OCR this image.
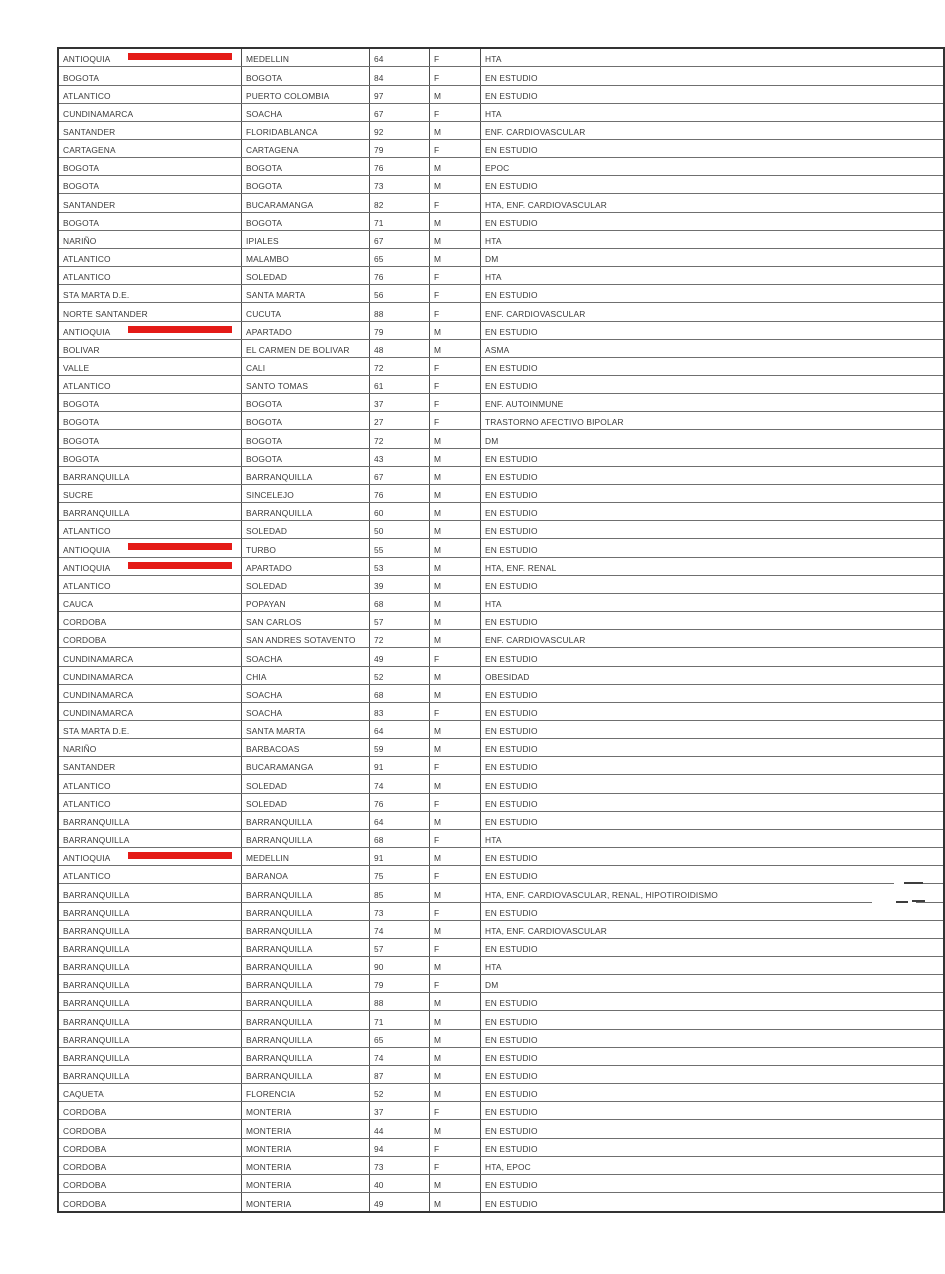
ANTIOQUIA	MEDELLIN	64	F	HTA
BOGOTA	BOGOTA	84	F	EN ESTUDIO
ATLANTICO	PUERTO COLOMBIA	97	M	EN ESTUDIO
CUNDINAMARCA	SOACHA	67	F	HTA
SANTANDER	FLORIDABLANCA	92	M	ENF. CARDIOVASCULAR
CARTAGENA	CARTAGENA	79	F	EN ESTUDIO
BOGOTA	BOGOTA	76	M	EPOC
BOGOTA	BOGOTA	73	M	EN ESTUDIO
SANTANDER	BUCARAMANGA	82	F	HTA, ENF. CARDIOVASCULAR
BOGOTA	BOGOTA	71	M	EN ESTUDIO
NARIÑO	IPIALES	67	M	HTA
ATLANTICO	MALAMBO	65	M	DM
ATLANTICO	SOLEDAD	76	F	HTA
STA MARTA D.E.	SANTA MARTA	56	F	EN ESTUDIO
NORTE SANTANDER	CUCUTA	88	F	ENF. CARDIOVASCULAR
ANTIOQUIA	APARTADO	79	M	EN ESTUDIO
BOLIVAR	EL CARMEN DE BOLIVAR	48	M	ASMA
VALLE	CALI	72	F	EN ESTUDIO
ATLANTICO	SANTO TOMAS	61	F	EN ESTUDIO
BOGOTA	BOGOTA	37	F	ENF. AUTOINMUNE
BOGOTA	BOGOTA	27	F	TRASTORNO AFECTIVO BIPOLAR
BOGOTA	BOGOTA	72	M	DM
BOGOTA	BOGOTA	43	M	EN ESTUDIO
BARRANQUILLA	BARRANQUILLA	67	M	EN ESTUDIO
SUCRE	SINCELEJO	76	M	EN ESTUDIO
BARRANQUILLA	BARRANQUILLA	60	M	EN ESTUDIO
ATLANTICO	SOLEDAD	50	M	EN ESTUDIO
ANTIOQUIA	TURBO	55	M	EN ESTUDIO
ANTIOQUIA	APARTADO	53	M	HTA, ENF. RENAL
ATLANTICO	SOLEDAD	39	M	EN ESTUDIO
CAUCA	POPAYAN	68	M	HTA
CORDOBA	SAN CARLOS	57	M	EN ESTUDIO
CORDOBA	SAN ANDRES SOTAVENTO	72	M	ENF. CARDIOVASCULAR
CUNDINAMARCA	SOACHA	49	F	EN ESTUDIO
CUNDINAMARCA	CHIA	52	M	OBESIDAD
CUNDINAMARCA	SOACHA	68	M	EN ESTUDIO
CUNDINAMARCA	SOACHA	83	F	EN ESTUDIO
STA MARTA D.E.	SANTA MARTA	64	M	EN ESTUDIO
NARIÑO	BARBACOAS	59	M	EN ESTUDIO
SANTANDER	BUCARAMANGA	91	F	EN ESTUDIO
ATLANTICO	SOLEDAD	74	M	EN ESTUDIO
ATLANTICO	SOLEDAD	76	F	EN ESTUDIO
BARRANQUILLA	BARRANQUILLA	64	M	EN ESTUDIO
BARRANQUILLA	BARRANQUILLA	68	F	HTA
ANTIOQUIA	MEDELLIN	91	M	EN ESTUDIO
ATLANTICO	BARANOA	75	F	EN ESTUDIO
BARRANQUILLA	BARRANQUILLA	85	M	HTA, ENF. CARDIOVASCULAR, RENAL, HIPOTIROIDISMO
BARRANQUILLA	BARRANQUILLA	73	F	EN ESTUDIO
BARRANQUILLA	BARRANQUILLA	74	M	HTA, ENF. CARDIOVASCULAR
BARRANQUILLA	BARRANQUILLA	57	F	EN ESTUDIO
BARRANQUILLA	BARRANQUILLA	90	M	HTA
BARRANQUILLA	BARRANQUILLA	79	F	DM
BARRANQUILLA	BARRANQUILLA	88	M	EN ESTUDIO
BARRANQUILLA	BARRANQUILLA	71	M	EN ESTUDIO
BARRANQUILLA	BARRANQUILLA	65	M	EN ESTUDIO
BARRANQUILLA	BARRANQUILLA	74	M	EN ESTUDIO
BARRANQUILLA	BARRANQUILLA	87	M	EN ESTUDIO
CAQUETA	FLORENCIA	52	M	EN ESTUDIO
CORDOBA	MONTERIA	37	F	EN ESTUDIO
CORDOBA	MONTERIA	44	M	EN ESTUDIO
CORDOBA	MONTERIA	94	F	EN ESTUDIO
CORDOBA	MONTERIA	73	F	HTA, EPOC
CORDOBA	MONTERIA	40	M	EN ESTUDIO
CORDOBA	MONTERIA	49	M	EN ESTUDIO
